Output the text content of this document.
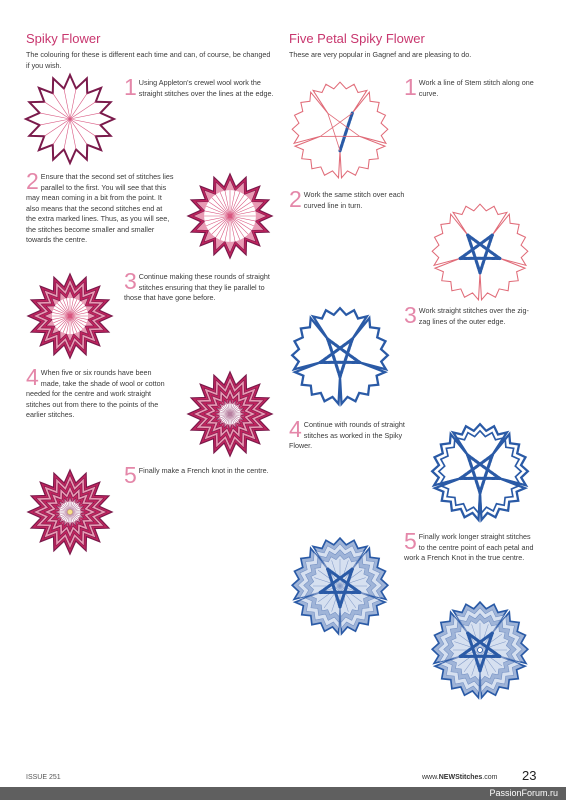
Spiky Flower
The colouring for these is different each time and can, of course, be changed if you wish.
1 Using Appleton's crewel wool work the straight stitches over the lines at the edge.
2 Ensure that the second set of stitches lies parallel to the first. You will see that this may mean coming in a bit from the point. It also means that the second stitches end at the extra marked lines. Thus, as you will see, the stitches become smaller and smaller towards the centre.
3 Continue making these rounds of straight stitches ensuring that they lie parallel to those that have gone before.
4 When five or six rounds have been made, take the shade of wool or cotton needed for the centre and work straight stitches out from there to the points of the earlier stitches.
5 Finally make a French knot in the centre.
Five Petal Spiky Flower
These are very popular in Gagnef and are pleasing to do.
1 Work a line of Stem stitch along one curve.
2 Work the same stitch over each curved line in turn.
3 Work straight stitches over the zig-zag lines of the outer edge.
4 Continue with rounds of straight stitches as worked in the Spiky Flower.
5 Finally work longer straight stitches to the centre point of each petal and work a French Knot in the true centre.
ISSUE 251	www.NEWStitches.com 23
PassionForum.ru
